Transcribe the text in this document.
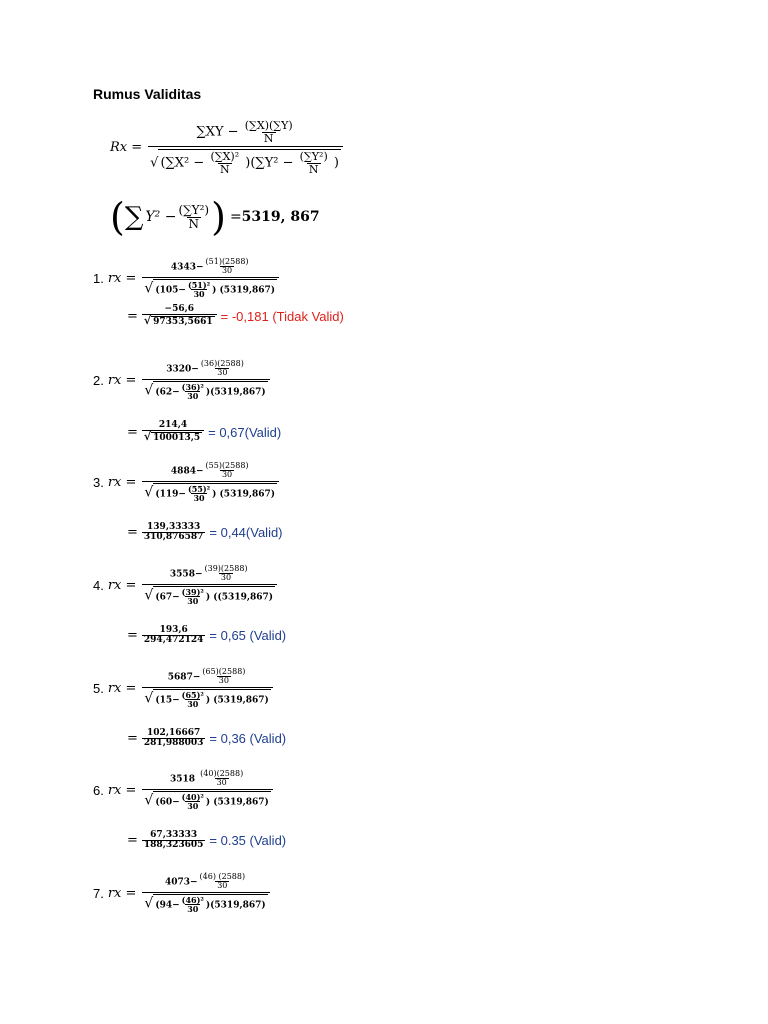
Rumus Validitas
Rx =
$\sum XY - \frac{(\sum X)(\sum Y)}{N}$
√ $(\sum X^2 - \frac{\text{(∑X)²}}{N} )(\sum Y^2 - \frac{\text{(∑Y²)}}{N}$ )
( ∑ $Y^2 - \frac{\text{(∑Y²)}}{N}$ ) = 5319, 867
1. rx = $\frac{4343- \frac{(51)(2588)}{30}}{√ (105- \frac{\text{(51)²}}{30} ) (5319,867)}$
= $\frac{-56,6}{√ 97353,5661} = -0,181$ (Tidak Valid)
2. rx = $\frac{3320- \frac{(36)(2588)}{30}}{√ (62- \frac{\text{(36)²}}{30} )(5319,867)}$
= $\frac{214,4}{√ 100013,5}$ = 0,67(Valid)
3. rx = $\frac{4884- \frac{(55)(2588)}{30}}{√ (119- \frac{\text{(55)²}}{30} ) (5319,867)}$
= $\frac{139,33333}{310,876587}$ = 0,44(Valid)
4. rx = $\frac{3558- \frac{(39)(2588)}{30}}{√ (67- \frac{\text{(39)²}}{30} ) ((5319,867)}$
= $\frac{193,6}{294,472124} = 0,65$ (Valid)
5. rx = $\frac{5687- \frac{(65)(2588)}{30}}{√ (15- \frac{\text{(65)²}}{30} ) (5319,867)}$
= $\frac{102,16667}{281,988003} = 0,36$ (Valid)
6. rx = $\frac{3518 \frac{(40)(2588)}{30}}{√ (60- \frac{\text{(40)²}}{30} ) (5319,867)}$
= $\frac{67,33333}{188,323605} = 0.35$ (Valid)
7. rx = $\frac{4073- \frac{(46) (2588)}{30}}{√ (94- \frac{\text{(46)²}}{30} )(5319,867)}$
